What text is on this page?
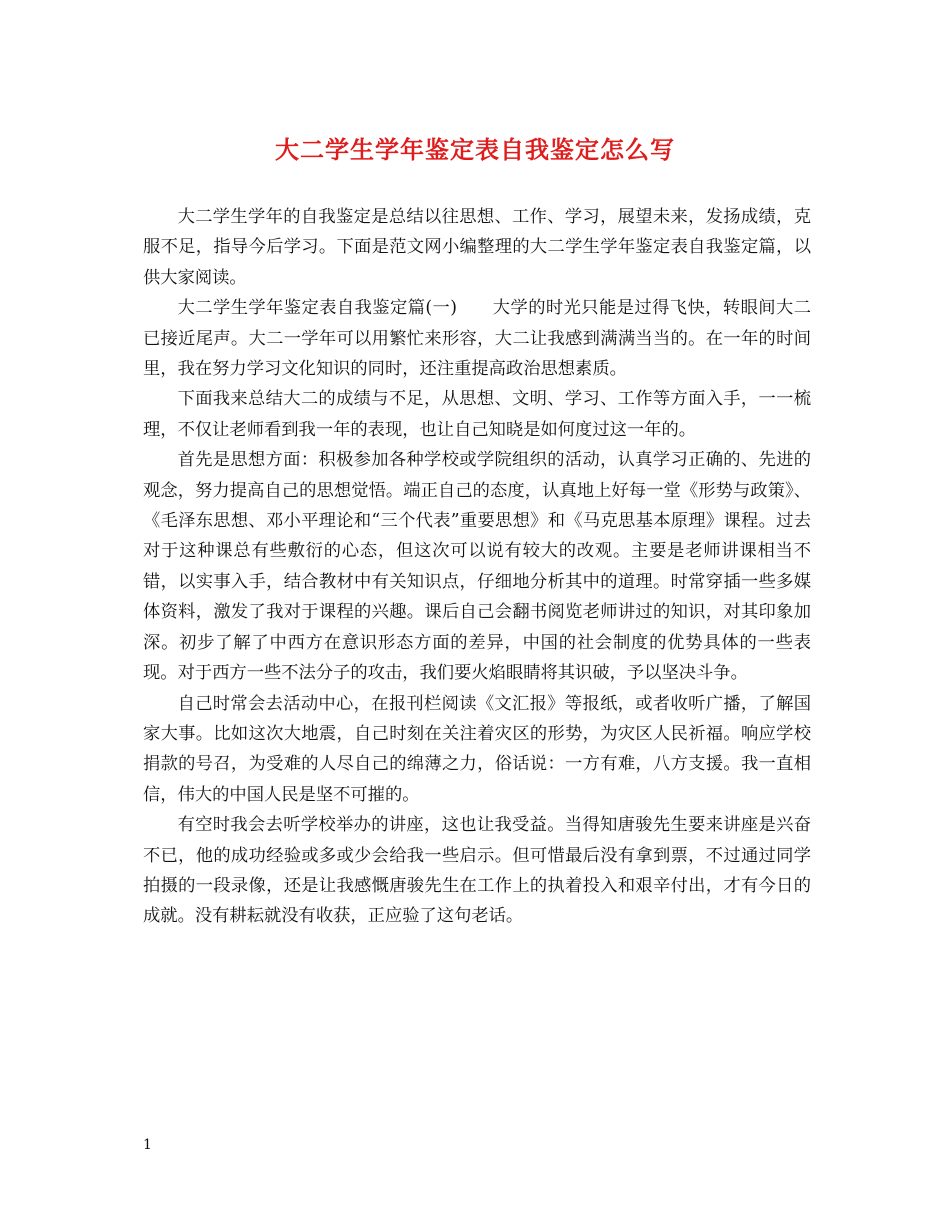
大二学生学年鉴定表自我鉴定怎么写

大二学生学年的自我鉴定是总结以往思想、工作、学习，展望未来，发扬成绩，克服不足，指导今后学习。下面是范文网小编整理的大二学生学年鉴定表自我鉴定篇，以供大家阅读。

大二学生学年鉴定表自我鉴定篇(一)　　大学的时光只能是过得飞快，转眼间大二已接近尾声。大二一学年可以用繁忙来形容，大二让我感到满满当当的。在一年的时间里，我在努力学习文化知识的同时，还注重提高政治思想素质。

下面我来总结大二的成绩与不足，从思想、文明、学习、工作等方面入手，一一梳理，不仅让老师看到我一年的表现，也让自己知晓是如何度过这一年的。

首先是思想方面：积极参加各种学校或学院组织的活动，认真学习正确的、先进的观念，努力提高自己的思想觉悟。端正自己的态度，认真地上好每一堂《形势与政策》、《毛泽东思想、邓小平理论和“三个代表”重要思想》和《马克思基本原理》课程。过去对于这种课总有些敷衍的心态，但这次可以说有较大的改观。主要是老师讲课相当不错，以实事入手，结合教材中有关知识点，仔细地分析其中的道理。时常穿插一些多媒体资料，激发了我对于课程的兴趣。课后自己会翻书阅览老师讲过的知识，对其印象加深。初步了解了中西方在意识形态方面的差异，中国的社会制度的优势具体的一些表现。对于西方一些不法分子的攻击，我们要火焰眼睛将其识破，予以坚决斗争。

自己时常会去活动中心，在报刊栏阅读《文汇报》等报纸，或者收听广播，了解国家大事。比如这次大地震，自己时刻在关注着灾区的形势，为灾区人民祈福。响应学校捐款的号召，为受难的人尽自己的绵薄之力，俗话说：一方有难，八方支援。我一直相信，伟大的中国人民是坚不可摧的。

有空时我会去听学校举办的讲座，这也让我受益。当得知唐骏先生要来讲座是兴奋不已，他的成功经验或多或少会给我一些启示。但可惜最后没有拿到票，不过通过同学拍摄的一段录像，还是让我感慨唐骏先生在工作上的执着投入和艰辛付出，才有今日的成就。没有耕耘就没有收获，正应验了这句老话。

1
